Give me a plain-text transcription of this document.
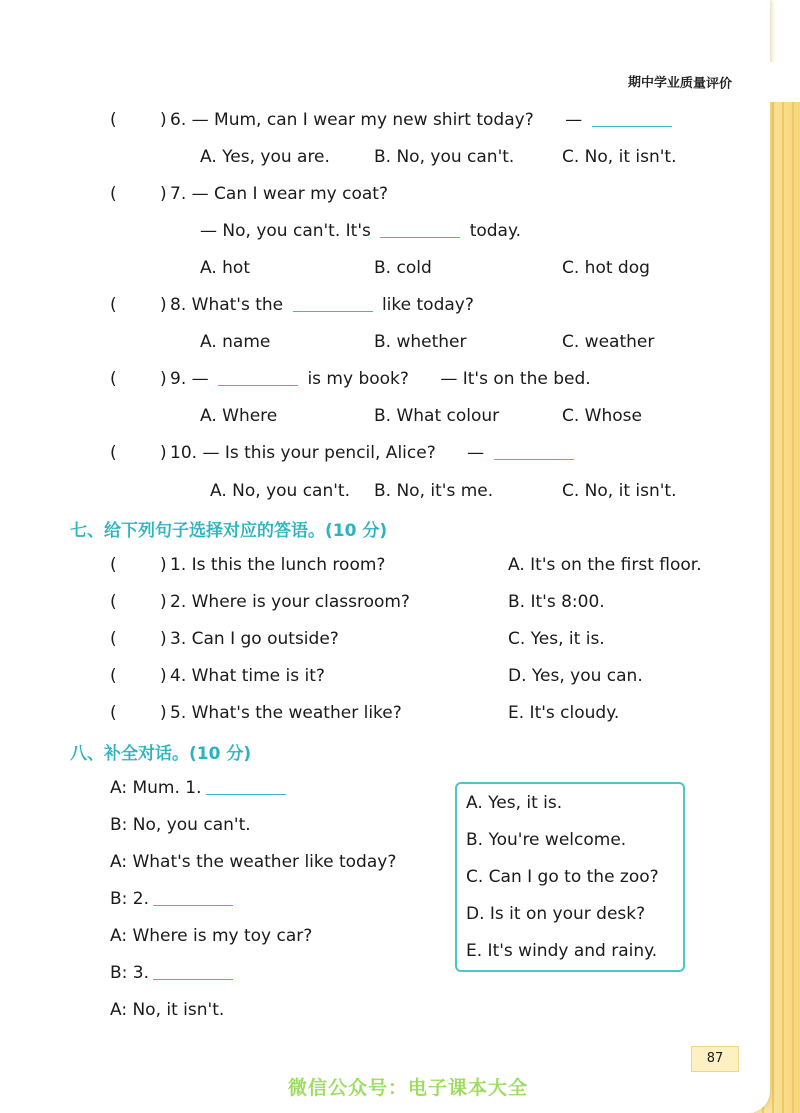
期中学业质量评价
(	) 6. — Mum, can I wear my new shirt today? —
A. Yes, you are.	B. No, you can't.	C. No, it isn't.
(	) 7. — Can I wear my coat?
— No, you can't. It's	today.
A. hot	B. cold	C. hot dog
(	) 8. What's the	like today?
A. name	B. whether	C. weather
(	) 9. —	is my book? — It's on the bed.
A. Where	B. What colour	C. Whose
(	) 10. — Is this your pencil, Alice? —
A. No, you can't. B. No, it's me.	C. No, it isn't.
七、给下列句子选择对应的答语。(10 分)
(	) 1. Is this the lunch room?	A. It's on the first floor.
(	) 2. Where is your classroom?	B. It's 8:00.
(	) 3. Can I go outside?	C. Yes, it is.
(	) 4. What time is it?	D. Yes, you can.
(	) 5. What's the weather like?	E. It's cloudy.
八、补全对话。(10 分)
A: Mum. 1.
B: No, you can't.
A: What's the weather like today?
B: 2.
A: Where is my toy car?
B: 3.
A: No, it isn't.
A. Yes, it is.
B. You're welcome.
C. Can I go to the zoo?
D. Is it on your desk?
E. It's windy and rainy.
87
微信公众号：电子课本大全
